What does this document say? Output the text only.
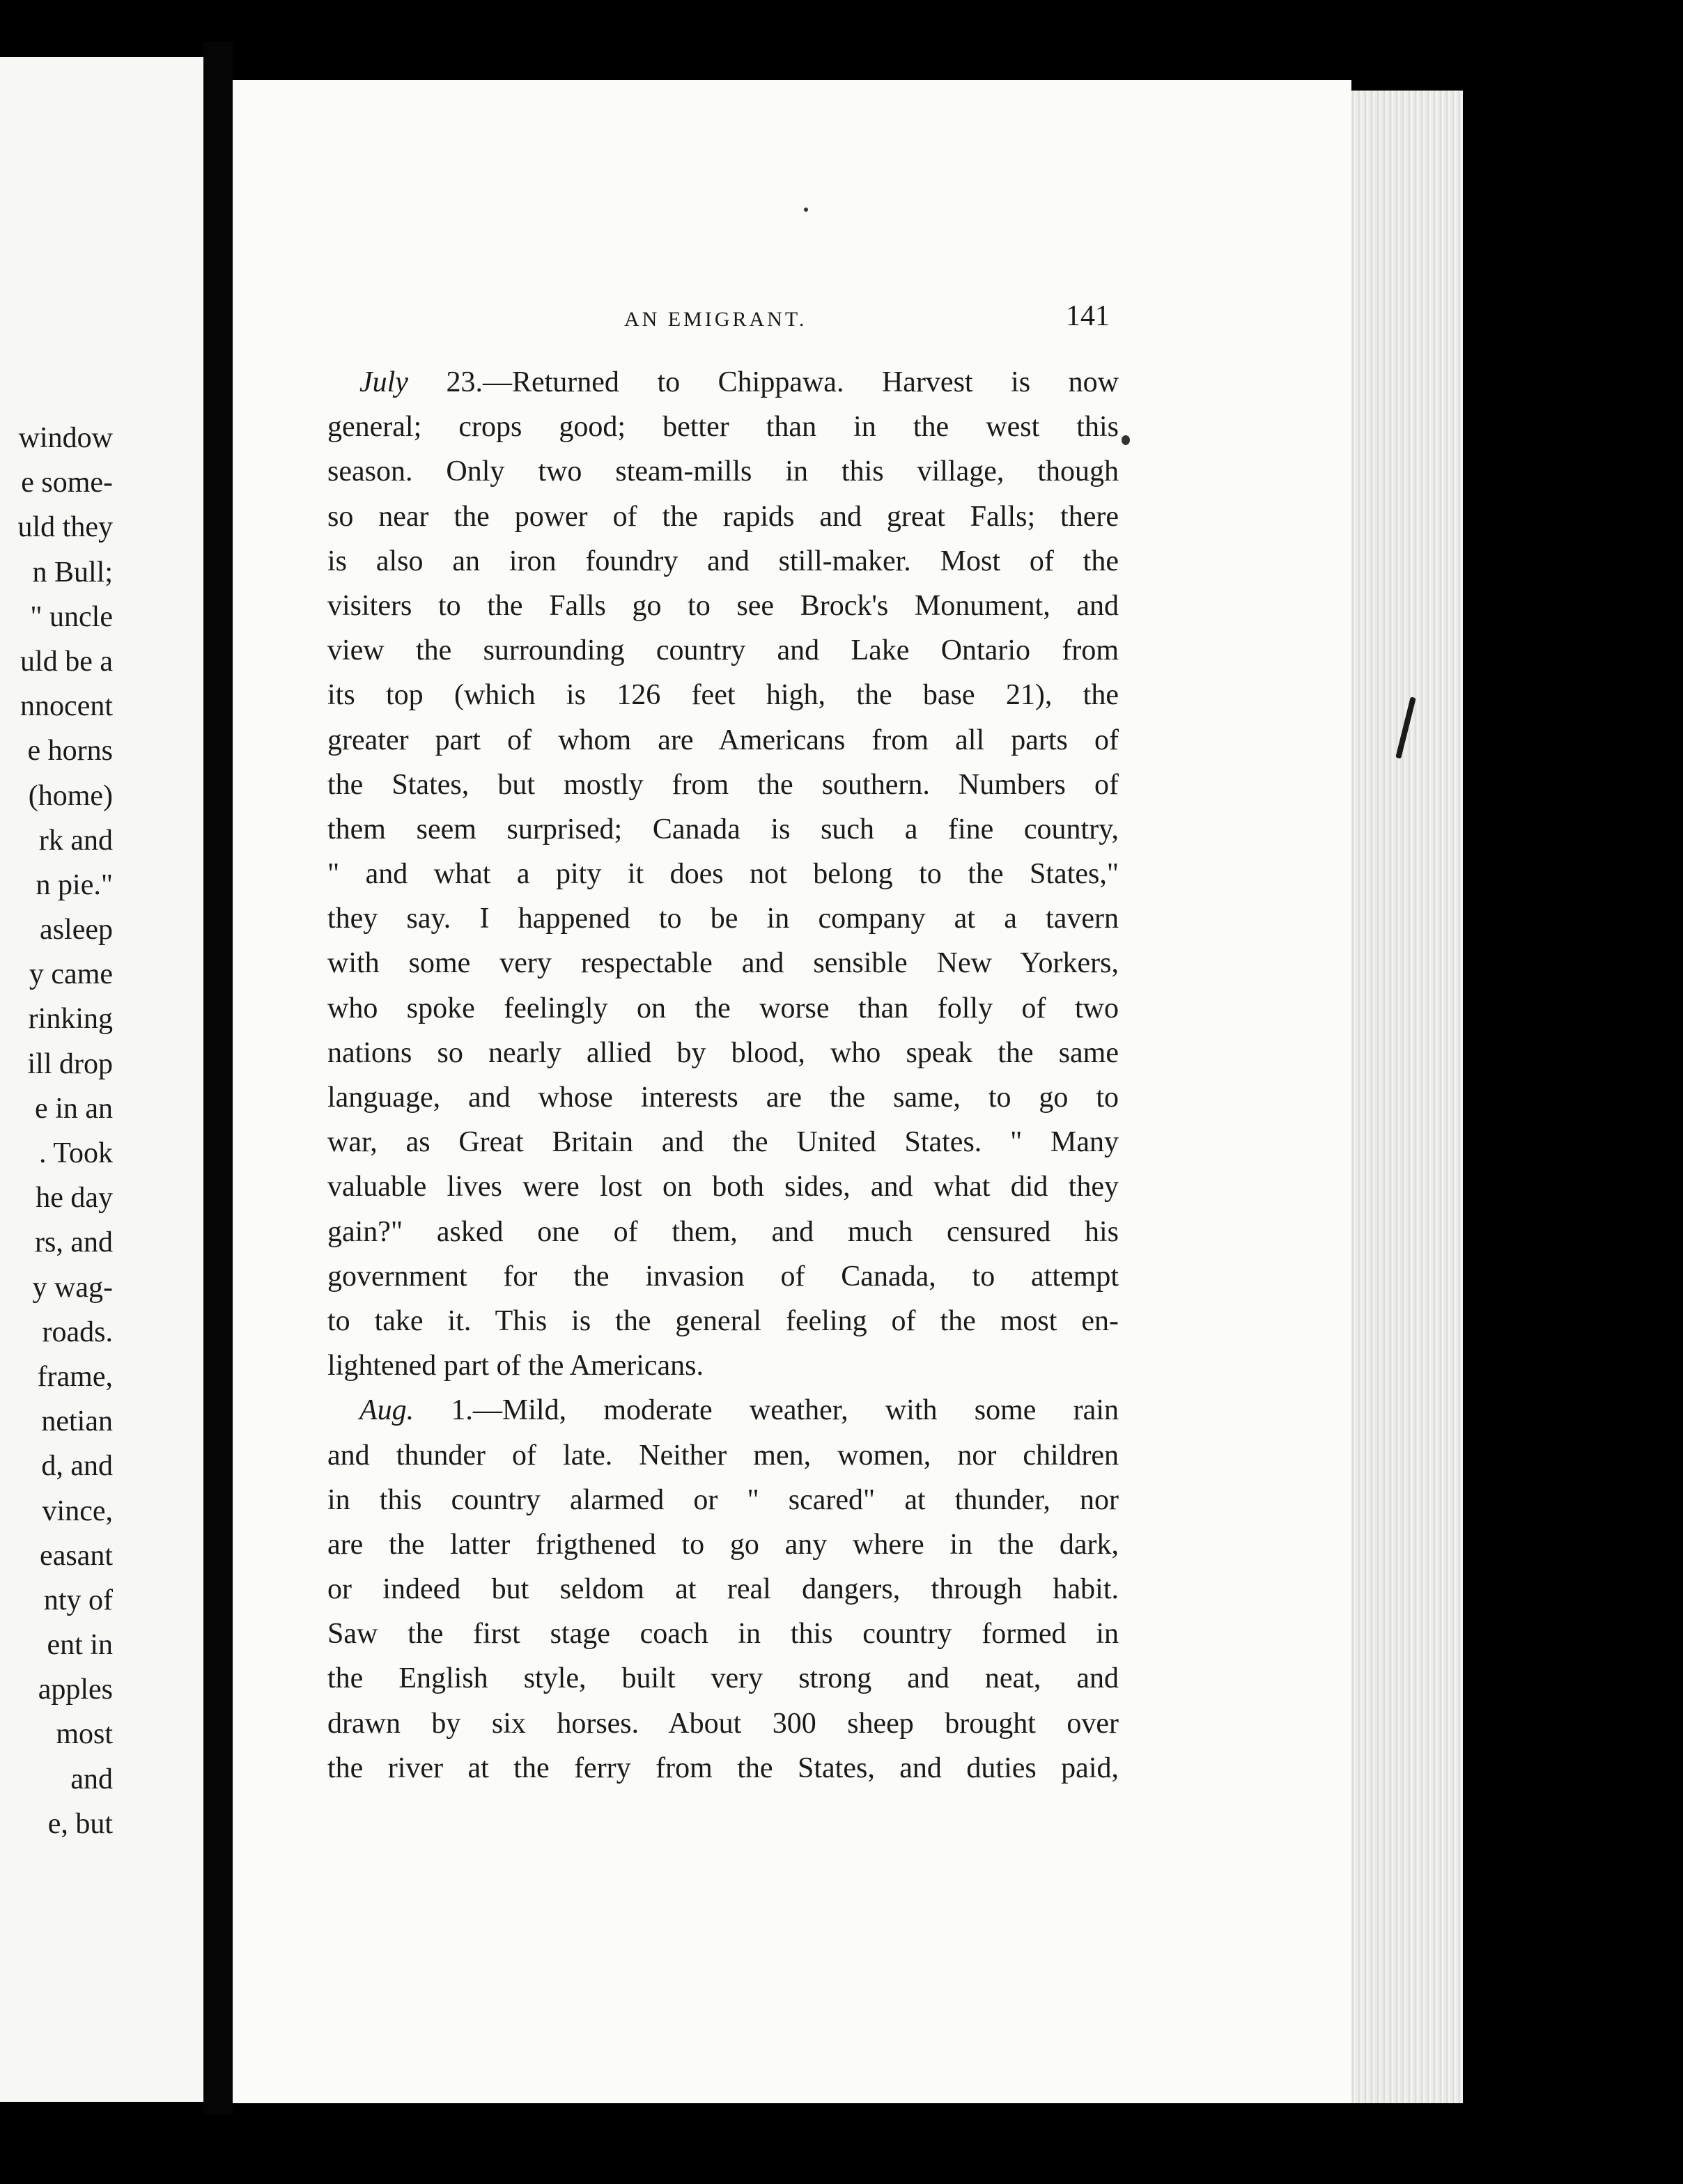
window
e some-
uld they
n Bull;
" uncle
uld be a
nnocent
e horns
(home)
rk and
n pie."
asleep
y came
rinking
ill drop
e in an
. Took
he day
rs, and
y wag-
roads.
frame,
netian
d, and
vince,
easant
nty of
ent in
apples
most
and
e, but
AN EMIGRANT.	141
July 23.—Returned to Chippawa. Harvest is now
general; crops good; better than in the west this
season. Only two steam-mills in this village, though
so near the power of the rapids and great Falls; there
is also an iron foundry and still-maker. Most of the
visiters to the Falls go to see Brock's Monument, and
view the surrounding country and Lake Ontario from
its top (which is 126 feet high, the base 21), the
greater part of whom are Americans from all parts of
the States, but mostly from the southern. Numbers of
them seem surprised; Canada is such a fine country,
" and what a pity it does not belong to the States,"
they say. I happened to be in company at a tavern
with some very respectable and sensible New Yorkers,
who spoke feelingly on the worse than folly of two
nations so nearly allied by blood, who speak the same
language, and whose interests are the same, to go to
war, as Great Britain and the United States. " Many
valuable lives were lost on both sides, and what did they
gain?" asked one of them, and much censured his
government for the invasion of Canada, to attempt
to take it. This is the general feeling of the most en-
lightened part of the Americans.
Aug. 1.—Mild, moderate weather, with some rain
and thunder of late. Neither men, women, nor children
in this country alarmed or " scared" at thunder, nor
are the latter frigthened to go any where in the dark,
or indeed but seldom at real dangers, through habit.
Saw the first stage coach in this country formed in
the English style, built very strong and neat, and
drawn by six horses. About 300 sheep brought over
the river at the ferry from the States, and duties paid,
